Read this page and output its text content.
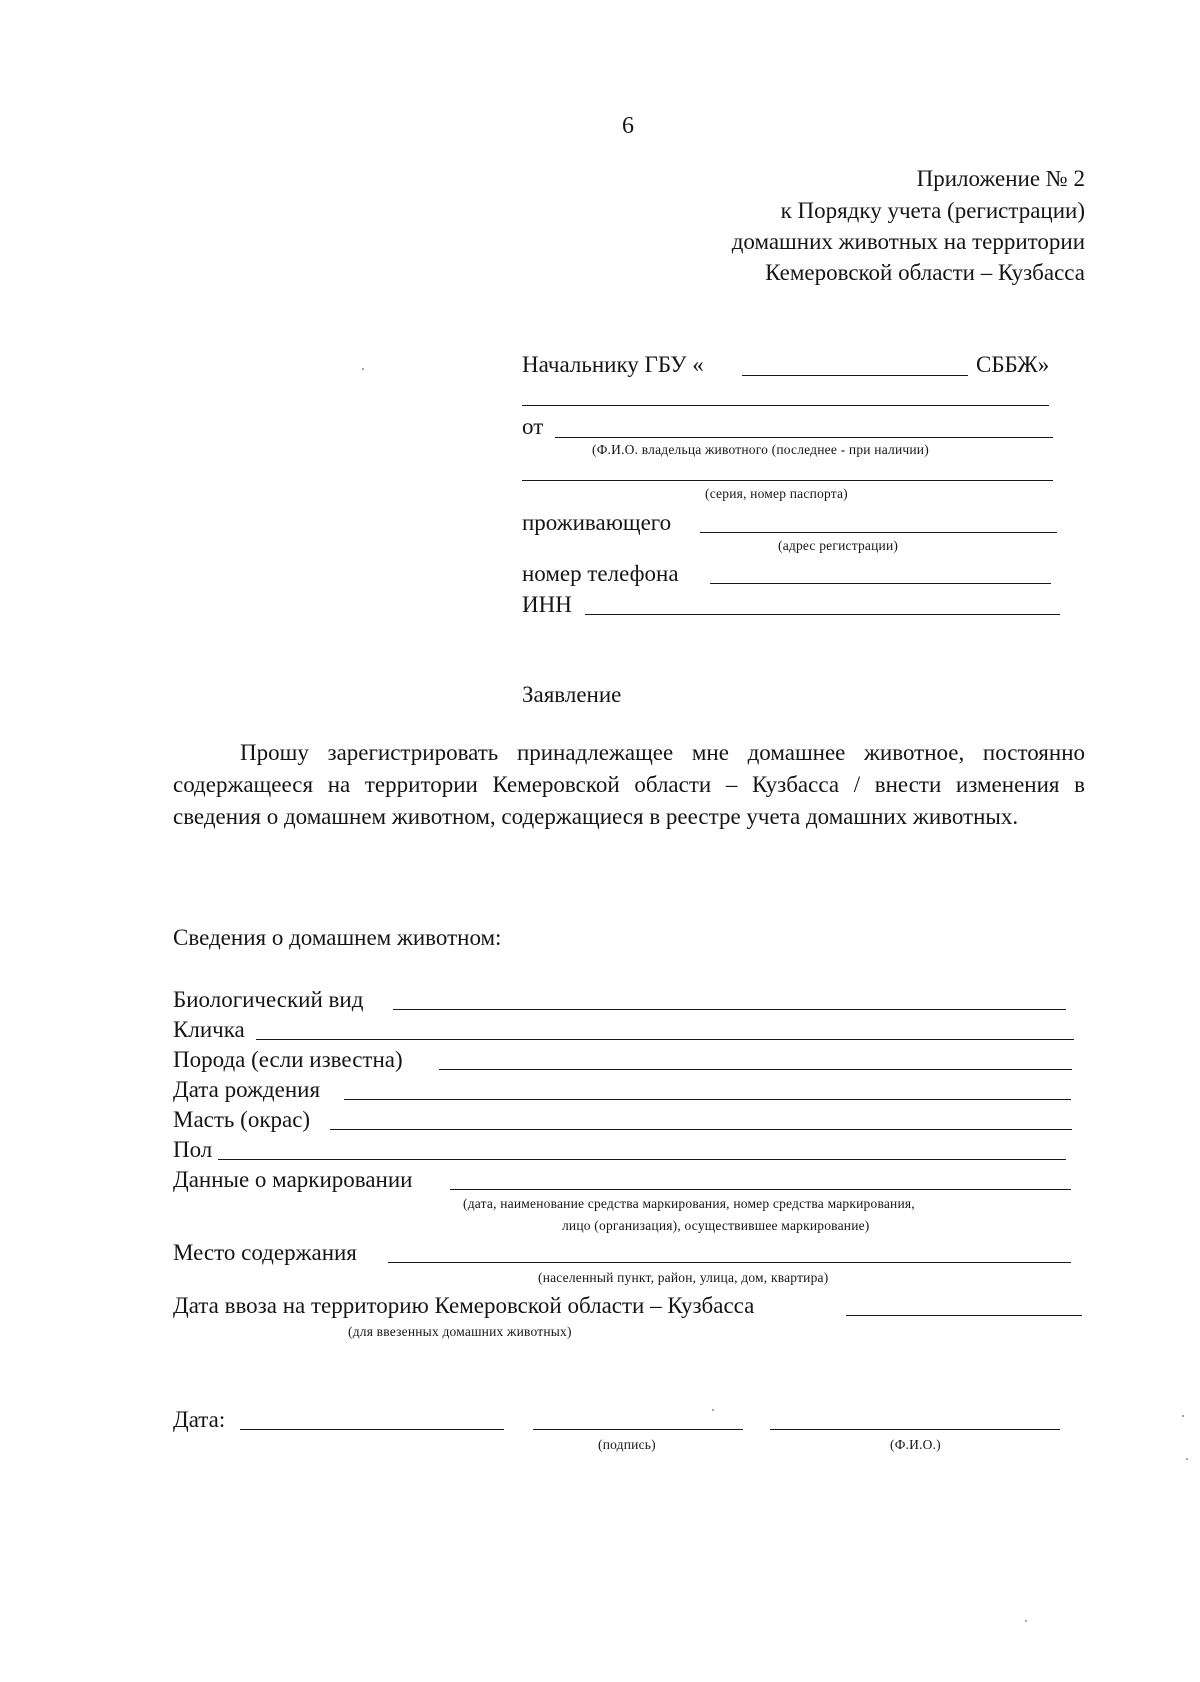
6
Приложение № 2
к Порядку учета (регистрации)
домашних животных на территории
Кемеровской области – Кузбасса
Начальнику ГБУ «	СББЖ»
от
(Ф.И.О. владельца животного (последнее - при наличии)
(серия, номер паспорта)
проживающего
(адрес регистрации)
номер телефона
ИНН
Заявление
Прошу зарегистрировать принадлежащее мне домашнее животное, постоянно содержащееся на территории Кемеровской области – Кузбасса / внести изменения в сведения о домашнем животном, содержащиеся в реестре учета домашних животных.
Сведения о домашнем животном:
Биологический вид
Кличка
Порода (если известна)
Дата рождения
Масть (окрас)
Пол
Данные о маркировании
(дата, наименование средства маркирования, номер средства маркирования,
лицо (организация), осуществившее маркирование)
Место содержания
(населенный пункт, район, улица, дом, квартира)
Дата ввоза на территорию Кемеровской области – Кузбасса
(для ввезенных домашних животных)
Дата:
(подпись)	(Ф.И.О.)
